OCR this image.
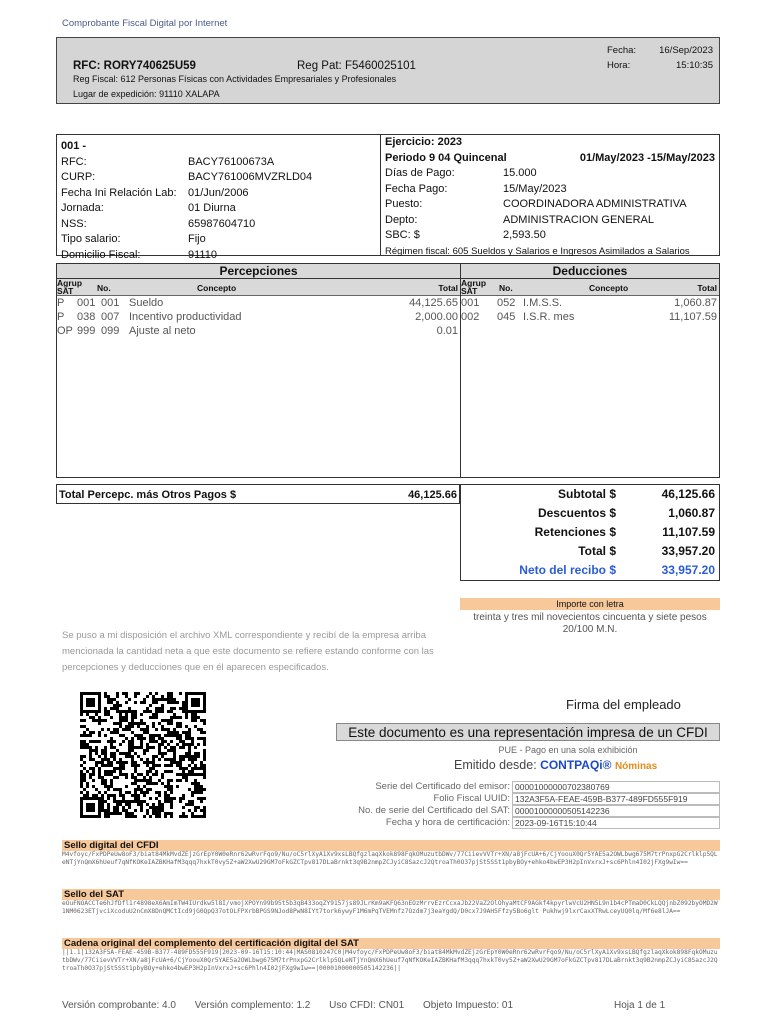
Comprobante Fiscal Digital por Internet
RFC: RORY740625U59	Reg Pat: F5460025101
Reg Fiscal: 612 Personas Físicas con Actividades Empresariales y Profesionales
Lugar de expedición: 91110 XALAPA
Fecha: 16/Sep/2023
Hora:	15:10:35
001 -
RFC:	BACY76100673A
CURP:	BACY761006MVZRLD04
Fecha Ini Relación Lab: 01/Jun/2006
Jornada:	01 Diurna
NSS:	65987604710
Tipo salario:	Fijo
Domicilio Fiscal:	91110
Ejercicio: 2023
Periodo 9 04 Quincenal	01/May/2023 -15/May/2023
Días de Pago:	15.000
Fecha Pago:	15/May/2023
Puesto:	COORDINADORA ADMINISTRATIVA
Depto:	ADMINISTRACION GENERAL
SBC: $	2,593.50
Régimen fiscal: 605 Sueldos y Salarios e Ingresos Asimilados a Salarios
Percepciones
Agrup SAT	No.	Concepto	Total
P 001 001 Sueldo	44,125.65
P 038 007 Incentivo productividad	2,000.00
OP 999 099 Ajuste al neto	0.01
Deducciones
Agrup SAT	No.	Concepto	Total
001 052 I.M.S.S.	1,060.87
002 045 I.S.R. mes	11,107.59
Total Percepc. más Otros Pagos $	46,125.66	Subtotal $	46,125.66
Descuentos $	1,060.87
Retenciones $	11,107.59
Total $	33,957.20
Neto del recibo $	33,957.20
Importe con letra
treinta y tres mil novecientos cincuenta y siete pesos 20/100 M.N.
Se puso a mi disposición el archivo XML correspondiente y recibí de la empresa arriba mencionada la cantidad neta a que este documento se refiere estando conforme con las percepciones y deducciones que en él aparecen especificados.
Firma del empleado
Este documento es una representación impresa de un CFDI
PUE - Pago en una sola exhibición
Emitido desde: CONTPAQi® Nóminas
Serie del Certificado del emisor: 00001000000702380769
Folio Fiscal UUID: 132A3F5A-FEAE-459B-B377-489FD555F919
No. de serie del Certificado del SAT: 00001000000505142236
Fecha y hora de certificación: 2023-09-16T15:10:44
Sello digital del CFDI
M4vfoyc/FxPDPeUw8oF3/biat84MkMvdZEjzGrEpY0W0eRnr62wRvrFqo9/Nu/oC5rlXyA1Xv9xsLBQfgzlaqXkok898FqkOMuzutbDWv/77CiievVVTr+XN/a8jFcUA+6/CjYoouX0Qr5YAE5a2OWLbwg675M7trPnxpG2Crlklp5QLeNTjYnQmX6hUeuf7qNfKOKeIAZBKHafM3qqq7hxkT0vy5Z+aW2XwU29GM7oFkGZCTpv817DLaBrnkt3q9B2nmpZCJyiC8SazcJ2QtroaTh0O37pjSt5SSt1pbyBOy+ehko4bwEP3H2pInVxrxJ+sc6Phln4I02jFXg9wIw==
Sello del SAT
eOuFNOACCTe6hJfDfl1r4898eX6AmImTW4IUrdkw5l8I/vmojXPOYn99b95t5b3qB433oqZY9157js89JLrKm9aKFQ63nEOzMrrvEzrCcxaJb22VaZ2OlOhyaMtCF9AGkf4kpyrlwVcU2HN5L9n1b4cPTmaD0CkLQQjnbZ092byOMD2W1NM0623ETjvciXcoduU2nCmX8DnQMCtIcd9jG0QpQ37otOLFPXrbBPGS9NJod8PwN8IYt7tork6ywyF1M6mPqTVEMnfz7Ozdm7j3eaYgdQ/D0cx7J9AH5Ffzy5Bo6glt Pukhwj9lxrCaxXTRwLceyUQ0lq/Mf6e8lJA==
Cadena original del complemento del certificación digital del SAT
||1.1|132A3F5A-FEAE-459B-B377-489FD555F919|2023-09-16T15:10:44|MAS0810247C0|M4vfoyc/FxPDPeUw8oF3/biat84MkMvdZEjzGrEpY0W0eRnr62wRvrFqo9/Nu/oC5rlXyA1Xv9xsLBQfgzlaqXkok898FqkOMuzutbDWv/77CiievVVTr+XN/a8jFcUA+6/CjYoouX0Qr5YAE5a2OWLbwg675M7trPnxpG2Crlklp5QLeNTjYnQmX6hUeuf7qNfKOKeIAZBKHafM3qqq7hxkT0vy5Z+aW2XwU29GM7oFkGZCTpv817DLaBrnkt3q9B2nmpZCJyiC8SazcJ2QtroaTh0O37pjSt5SSt1pbyBOy+ehko4bwEP3H2pInVxrxJ+sc6Phln4I02jFXg9wIw==|00001000000505142236||
Versión comprobante: 4.0 Versión complemento: 1.2 Uso CFDI: CN01 Objeto Impuesto: 01	Hoja 1 de 1
